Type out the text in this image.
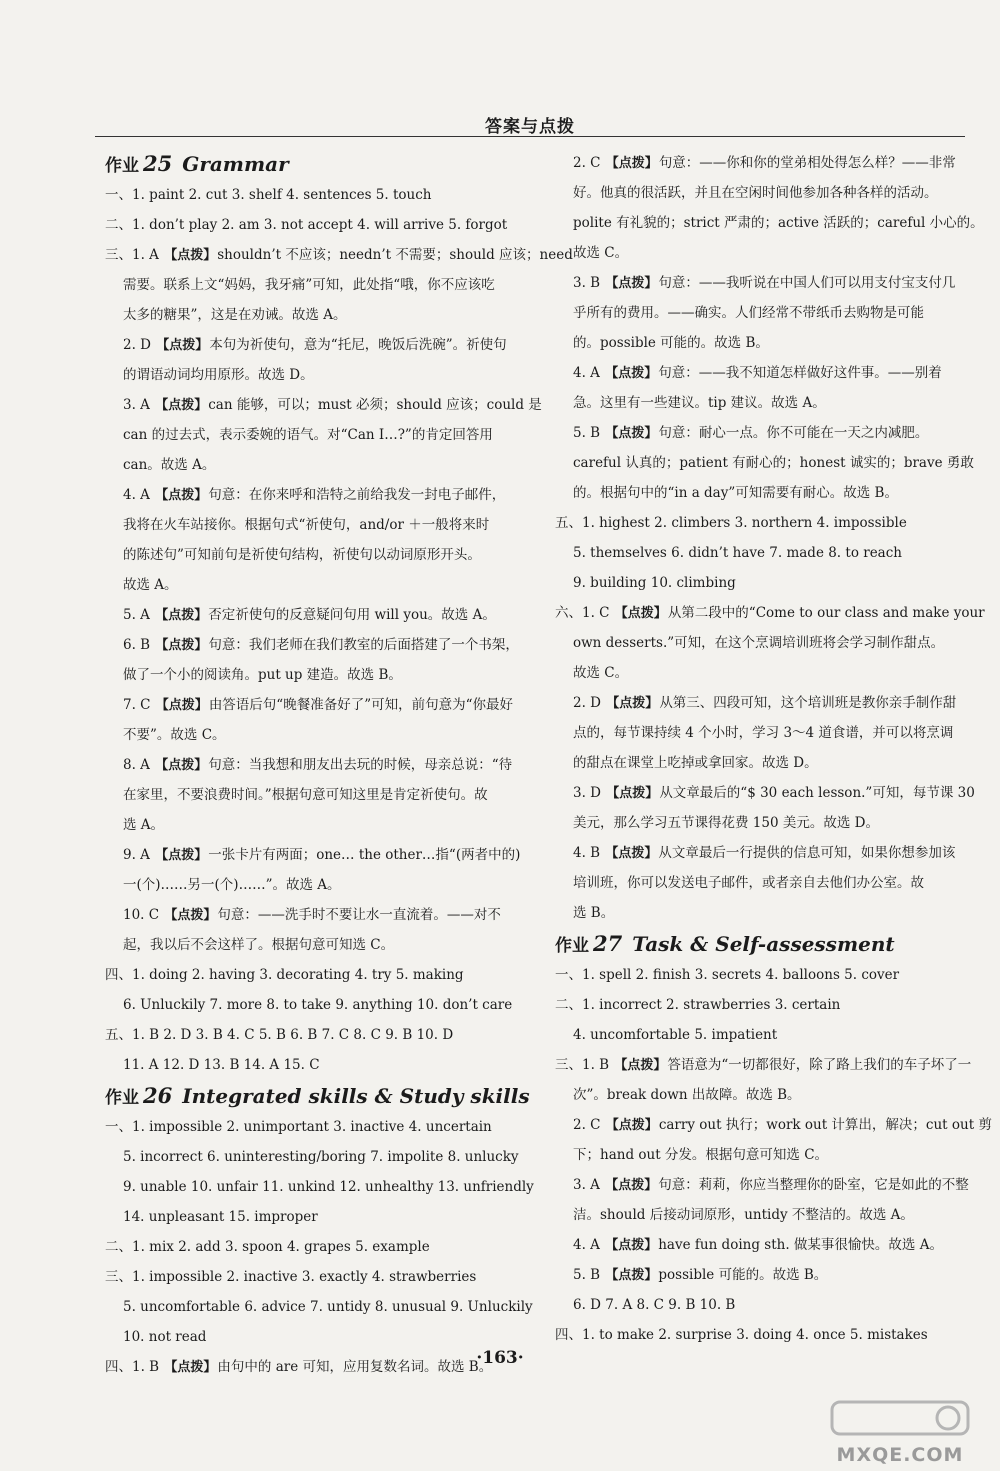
答案与点拨
作业 25 Grammar
一、1. paint 2. cut 3. shelf 4. sentences 5. touch
二、1. don’t play 2. am 3. not accept 4. will arrive 5. forgot
三、1. A 【点拨】shouldn’t 不应该；needn’t 不需要；should 应该；need
需要。联系上文“妈妈，我牙痛”可知，此处指“哦，你不应该吃
太多的糖果”，这是在劝诫。故选 A。
2. D 【点拨】本句为祈使句，意为“托尼，晚饭后洗碗”。祈使句
的谓语动词均用原形。故选 D。
3. A 【点拨】can 能够，可以；must 必须；should 应该；could 是
can 的过去式，表示委婉的语气。对“Can I…?”的肯定回答用
can。故选 A。
4. A 【点拨】句意：在你来呼和浩特之前给我发一封电子邮件，
我将在火车站接你。根据句式“祈使句，and/or ＋一般将来时
的陈述句”可知前句是祈使句结构，祈使句以动词原形开头。
故选 A。
5. A 【点拨】否定祈使句的反意疑问句用 will you。故选 A。
6. B 【点拨】句意：我们老师在我们教室的后面搭建了一个书架，
做了一个小的阅读角。put up 建造。故选 B。
7. C 【点拨】由答语后句“晚餐准备好了”可知，前句意为“你最好
不要”。故选 C。
8. A 【点拨】句意：当我想和朋友出去玩的时候，母亲总说：“待
在家里，不要浪费时间。”根据句意可知这里是肯定祈使句。故
选 A。
9. A 【点拨】一张卡片有两面；one… the other…指“(两者中的)
一(个)……另一(个)……”。故选 A。
10. C 【点拨】句意：——洗手时不要让水一直流着。——对不
起，我以后不会这样了。根据句意可知选 C。
四、1. doing 2. having 3. decorating 4. try 5. making
6. Unluckily 7. more 8. to take 9. anything 10. don’t care
五、1. B 2. D 3. B 4. C 5. B 6. B 7. C 8. C 9. B 10. D
11. A 12. D 13. B 14. A 15. C
作业 26 Integrated skills & Study skills
一、1. impossible 2. unimportant 3. inactive 4. uncertain
5. incorrect 6. uninteresting/boring 7. impolite 8. unlucky
9. unable 10. unfair 11. unkind 12. unhealthy 13. unfriendly
14. unpleasant 15. improper
二、1. mix 2. add 3. spoon 4. grapes 5. example
三、1. impossible 2. inactive 3. exactly 4. strawberries
5. uncomfortable 6. advice 7. untidy 8. unusual 9. Unluckily
10. not read
四、1. B 【点拨】由句中的 are 可知，应用复数名词。故选 B。
2. C 【点拨】句意：——你和你的堂弟相处得怎么样？——非常
好。他真的很活跃，并且在空闲时间他参加各种各样的活动。
polite 有礼貌的；strict 严肃的；active 活跃的；careful 小心的。
故选 C。
3. B 【点拨】句意：——我听说在中国人们可以用支付宝支付几
乎所有的费用。——确实。人们经常不带纸币去购物是可能
的。possible 可能的。故选 B。
4. A 【点拨】句意：——我不知道怎样做好这件事。——别着
急。这里有一些建议。tip 建议。故选 A。
5. B 【点拨】句意：耐心一点。你不可能在一天之内减肥。
careful 认真的；patient 有耐心的；honest 诚实的；brave 勇敢
的。根据句中的“in a day”可知需要有耐心。故选 B。
五、1. highest 2. climbers 3. northern 4. impossible
5. themselves 6. didn’t have 7. made 8. to reach
9. building 10. climbing
六、1. C 【点拨】从第二段中的“Come to our class and make your
own desserts.”可知，在这个烹调培训班将会学习制作甜点。
故选 C。
2. D 【点拨】从第三、四段可知，这个培训班是教你亲手制作甜
点的，每节课持续 4 个小时，学习 3～4 道食谱，并可以将烹调
的甜点在课堂上吃掉或拿回家。故选 D。
3. D 【点拨】从文章最后的“$ 30 each lesson.”可知，每节课 30
美元，那么学习五节课得花费 150 美元。故选 D。
4. B 【点拨】从文章最后一行提供的信息可知，如果你想参加该
培训班，你可以发送电子邮件，或者亲自去他们办公室。故
选 B。
作业 27 Task & Self-assessment
一、1. spell 2. finish 3. secrets 4. balloons 5. cover
二、1. incorrect 2. strawberries 3. certain
4. uncomfortable 5. impatient
三、1. B 【点拨】答语意为“一切都很好，除了路上我们的车子坏了一
次”。break down 出故障。故选 B。
2. C 【点拨】carry out 执行；work out 计算出，解决；cut out 剪
下；hand out 分发。根据句意可知选 C。
3. A 【点拨】句意：莉莉，你应当整理你的卧室，它是如此的不整
洁。should 后接动词原形，untidy 不整洁的。故选 A。
4. A 【点拨】have fun doing sth. 做某事很愉快。故选 A。
5. B 【点拨】possible 可能的。故选 B。
6. D 7. A 8. C 9. B 10. B
四、1. to make 2. surprise 3. doing 4. once 5. mistakes
·163·
MXQE.COM
